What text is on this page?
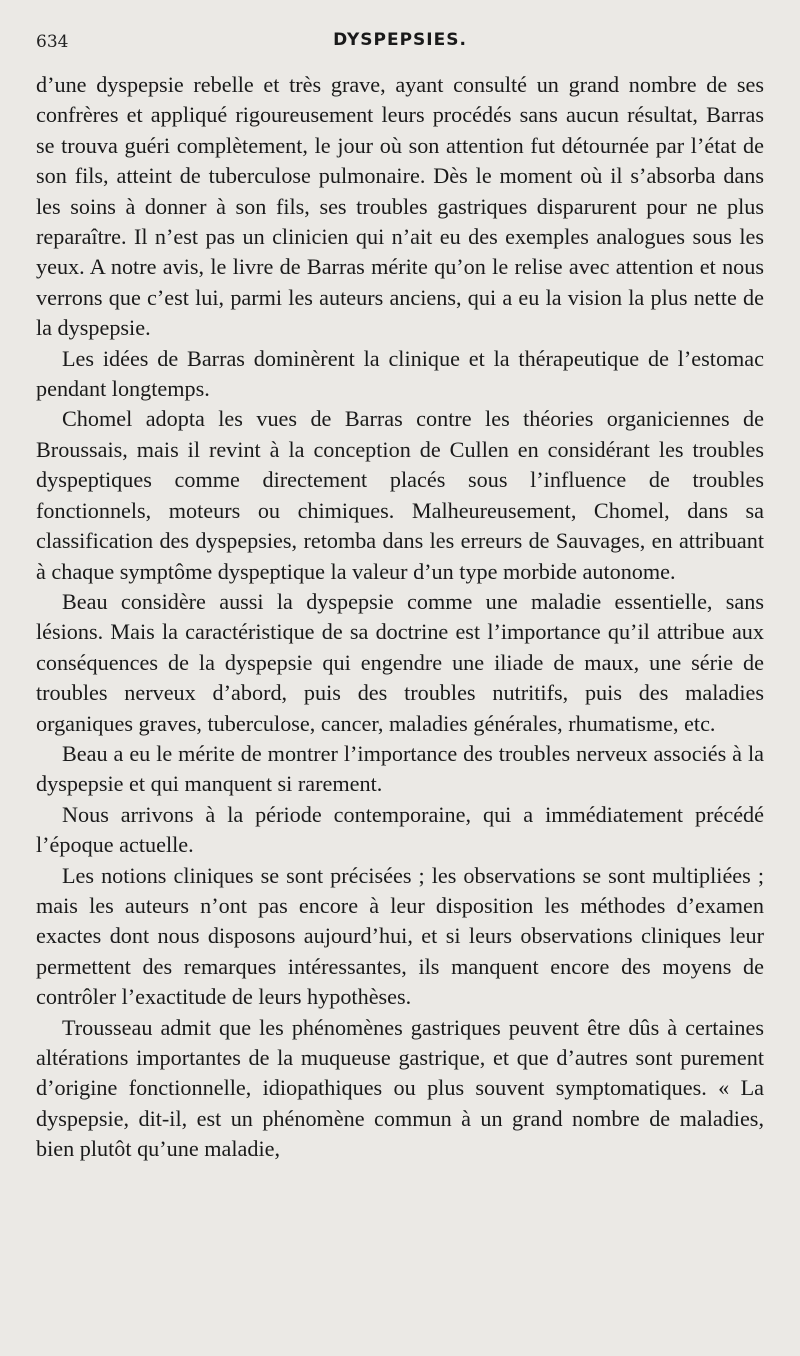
634	DYSPEPSIES.

d’une dyspepsie rebelle et très grave, ayant consulté un grand nombre de ses confrères et appliqué rigoureusement leurs procédés sans aucun résultat, Barras se trouva guéri complètement, le jour où son attention fut détournée par l’état de son fils, atteint de tuberculose pulmonaire. Dès le moment où il s’absorba dans les soins à donner à son fils, ses troubles gastriques disparurent pour ne plus reparaître. Il n’est pas un clinicien qui n’ait eu des exemples analogues sous les yeux. A notre avis, le livre de Barras mérite qu’on le relise avec attention et nous verrons que c’est lui, parmi les auteurs anciens, qui a eu la vision la plus nette de la dyspepsie.

Les idées de Barras dominèrent la clinique et la thérapeutique de l’estomac pendant longtemps.

Chomel adopta les vues de Barras contre les théories organiciennes de Broussais, mais il revint à la conception de Cullen en considérant les troubles dyspeptiques comme directement placés sous l’influence de troubles fonctionnels, moteurs ou chimiques. Malheureusement, Chomel, dans sa classification des dyspepsies, retomba dans les erreurs de Sauvages, en attribuant à chaque symptôme dyspeptique la valeur d’un type morbide autonome.

Beau considère aussi la dyspepsie comme une maladie essentielle, sans lésions. Mais la caractéristique de sa doctrine est l’importance qu’il attribue aux conséquences de la dyspepsie qui engendre une iliade de maux, une série de troubles nerveux d’abord, puis des troubles nutritifs, puis des maladies organiques graves, tuberculose, cancer, maladies générales, rhumatisme, etc.

Beau a eu le mérite de montrer l’importance des troubles nerveux associés à la dyspepsie et qui manquent si rarement.

Nous arrivons à la période contemporaine, qui a immédiatement précédé l’époque actuelle.

Les notions cliniques se sont précisées ; les observations se sont multipliées ; mais les auteurs n’ont pas encore à leur disposition les méthodes d’examen exactes dont nous disposons aujourd’hui, et si leurs observations cliniques leur permettent des remarques intéressantes, ils manquent encore des moyens de contrôler l’exactitude de leurs hypothèses.

Trousseau admit que les phénomènes gastriques peuvent être dûs à certaines altérations importantes de la muqueuse gastrique, et que d’autres sont purement d’origine fonctionnelle, idiopathiques ou plus souvent symptomatiques. « La dyspepsie, dit-il, est un phénomène commun à un grand nombre de maladies, bien plutôt qu’une maladie,
